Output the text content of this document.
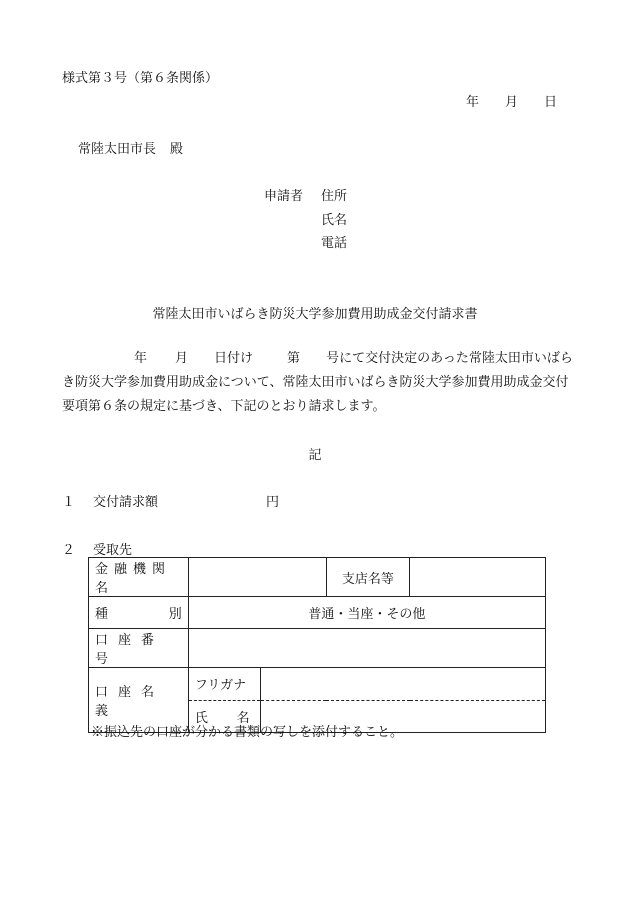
様式第３号（第６条関係）
年 月 日
常陸太田市長 殿
申請者 住所
氏名
電話
常陸太田市いばらき防災大学参加費用助成金交付請求書
年 月 日付け	第 号にて交付決定のあった常陸太田市いばらき防災大学参加費用助成金について、常陸太田市いばらき防災大学参加費用助成金交付要項第６条の規定に基づき、下記のとおり請求します。
記
１ 交付請求額	円
２ 受取先
金融機関名			支店名等	
種 別	普通・当座・その他			
口座番号				
口座名義	フリガナ			
	氏 名			

※振込先の口座が分かる書類の写しを添付すること。
